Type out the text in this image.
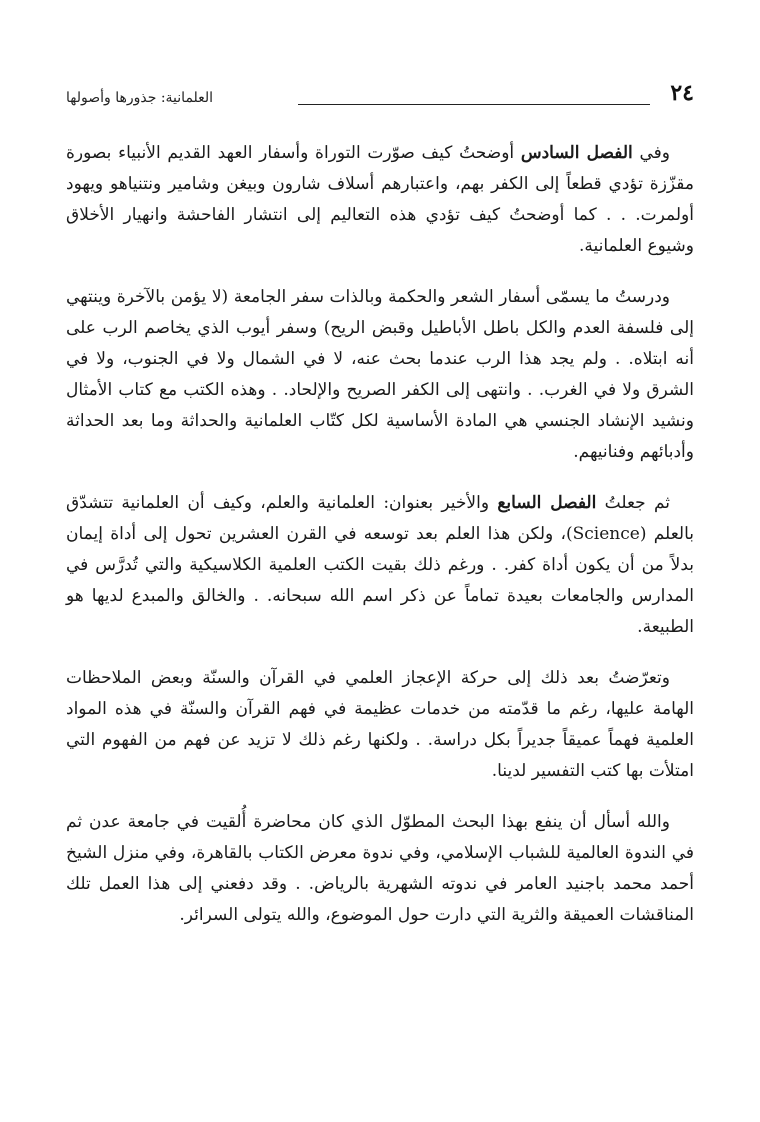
٢٤
العلمانية: جذورها وأصولها

وفي الفصل السادس أوضحتُ كيف صوّرت التوراة وأسفار العهد القديم الأنبياء بصورة مقزّزة تؤدي قطعاً إلى الكفر بهم، واعتبارهم أسلاف شارون وبيغن وشامير ونتنياهو ويهود أولمرت. . . كما أوضحتُ كيف تؤدي هذه التعاليم إلى انتشار الفاحشة وانهيار الأخلاق وشيوع العلمانية.

ودرستُ ما يسمّى أسفار الشعر والحكمة وبالذات سفر الجامعة (لا يؤمن بالآخرة وينتهي إلى فلسفة العدم والكل باطل الأباطيل وقبض الريح) وسفر أيوب الذي يخاصم الرب على أنه ابتلاه. . ولم يجد هذا الرب عندما بحث عنه، لا في الشمال ولا في الجنوب، ولا في الشرق ولا في الغرب. . وانتهى إلى الكفر الصريح والإلحاد. . وهذه الكتب مع كتاب الأمثال ونشيد الإنشاد الجنسي هي المادة الأساسية لكل كتّاب العلمانية والحداثة وما بعد الحداثة وأدبائهم وفنانيهم.

ثم جعلتُ الفصل السابع والأخير بعنوان: العلمانية والعلم، وكيف أن العلمانية تتشدّق بالعلم (Science)، ولكن هذا العلم بعد توسعه في القرن العشرين تحول إلى أداة إيمان بدلاً من أن يكون أداة كفر. . ورغم ذلك بقيت الكتب العلمية الكلاسيكية والتي تُدرَّس في المدارس والجامعات بعيدة تماماً عن ذكر اسم الله سبحانه. . والخالق والمبدع لديها هو الطبيعة.

وتعرّضتُ بعد ذلك إلى حركة الإعجاز العلمي في القرآن والسنّة وبعض الملاحظات الهامة عليها، رغم ما قدّمته من خدمات عظيمة في فهم القرآن والسنّة في هذه المواد العلمية فهماً عميقاً جديراً بكل دراسة. . ولكنها رغم ذلك لا تزيد عن فهم من الفهوم التي امتلأت بها كتب التفسير لدينا.

والله أسأل أن ينفع بهذا البحث المطوّل الذي كان محاضرة أُلقيت في جامعة عدن ثم في الندوة العالمية للشباب الإسلامي، وفي ندوة معرض الكتاب بالقاهرة، وفي منزل الشيخ أحمد محمد باجنيد العامر في ندوته الشهرية بالرياض. . وقد دفعني إلى هذا العمل تلك المناقشات العميقة والثرية التي دارت حول الموضوع، والله يتولى السرائر.
